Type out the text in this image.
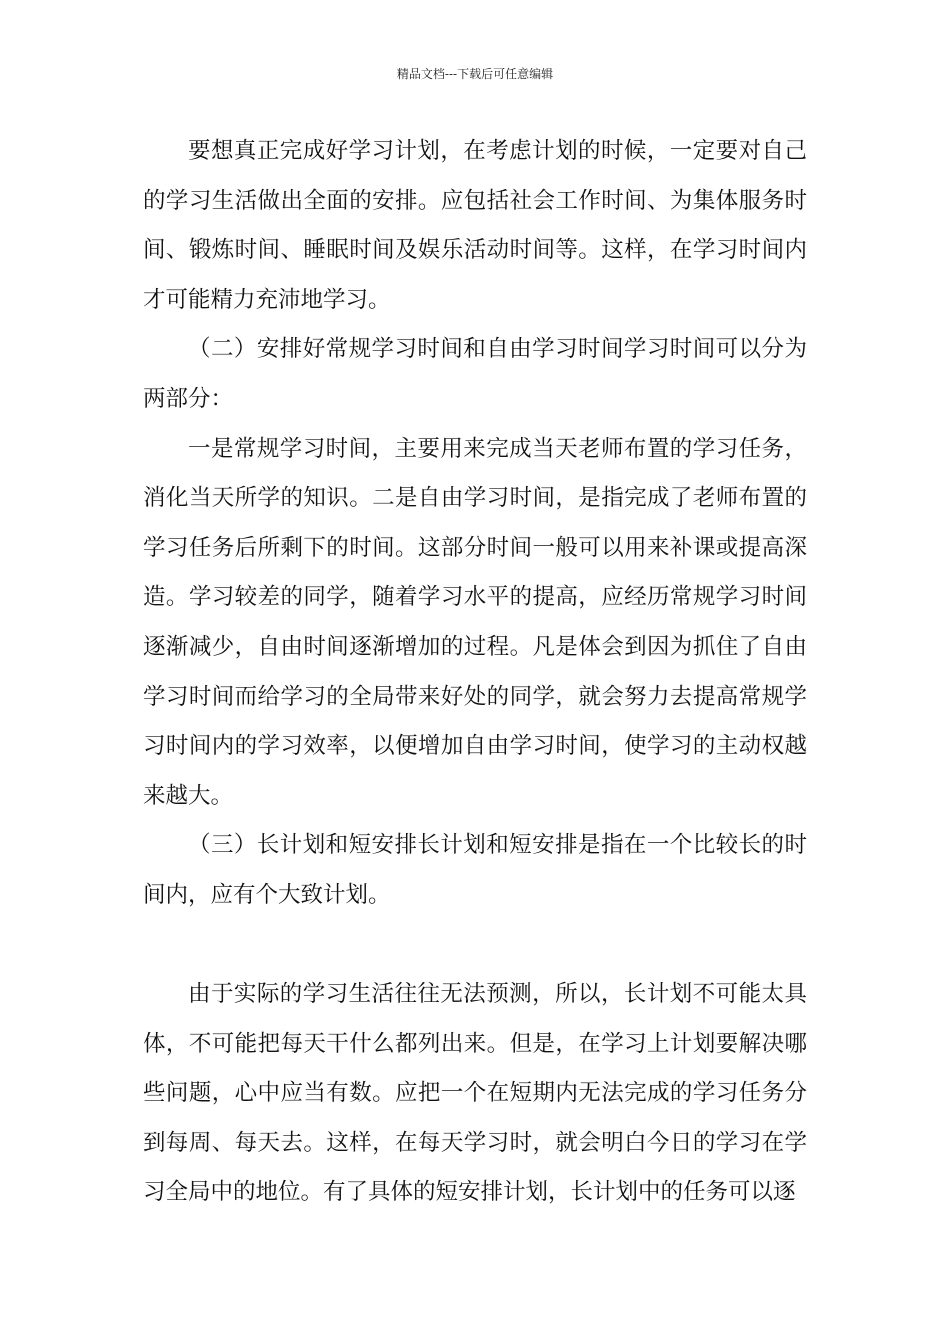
精品文档---下载后可任意编辑

要想真正完成好学习计划，在考虑计划的时候，一定要对自己的学习生活做出全面的安排。应包括社会工作时间、为集体服务时间、锻炼时间、睡眠时间及娱乐活动时间等。这样，在学习时间内才可能精力充沛地学习。

（二）安排好常规学习时间和自由学习时间学习时间可以分为两部分：

一是常规学习时间，主要用来完成当天老师布置的学习任务，消化当天所学的知识。二是自由学习时间，是指完成了老师布置的学习任务后所剩下的时间。这部分时间一般可以用来补课或提高深造。学习较差的同学，随着学习水平的提高，应经历常规学习时间逐渐减少，自由时间逐渐增加的过程。凡是体会到因为抓住了自由学习时间而给学习的全局带来好处的同学，就会努力去提高常规学习时间内的学习效率，以便增加自由学习时间，使学习的主动权越来越大。

（三）长计划和短安排长计划和短安排是指在一个比较长的时间内，应有个大致计划。

由于实际的学习生活往往无法预测，所以，长计划不可能太具体，不可能把每天干什么都列出来。但是，在学习上计划要解决哪些问题，心中应当有数。应把一个在短期内无法完成的学习任务分到每周、每天去。这样，在每天学习时，就会明白今日的学习在学习全局中的地位。有了具体的短安排计划，长计划中的任务可以逐
